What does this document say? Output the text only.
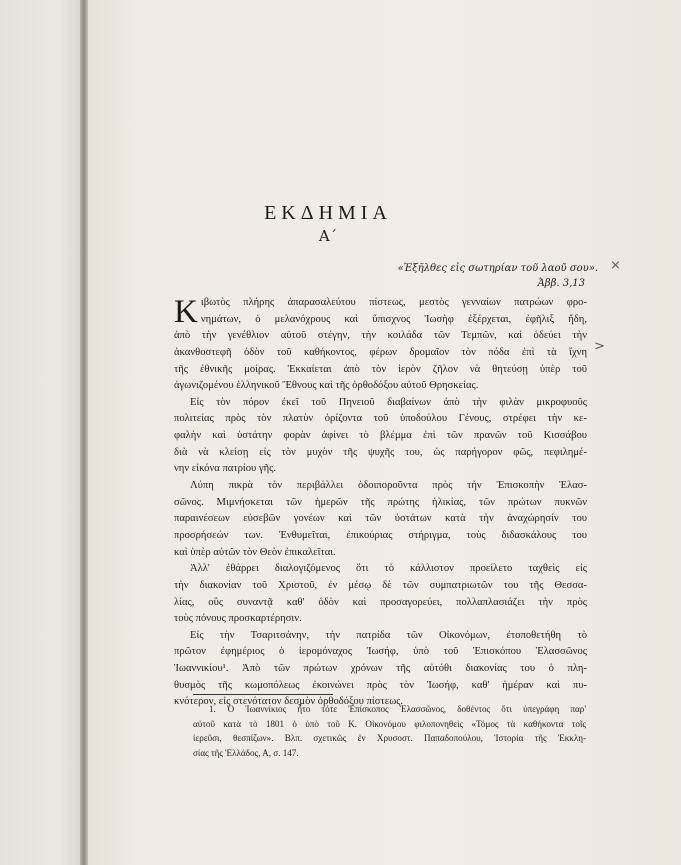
ΕΚΔΗΜΙΑ
Α΄
«Ἐξῆλθες εἰς σωτηρίαν τοῦ λαοῦ σου».
Ἀββ. 3,13
×
>
Κ ιβωτὸς πλήρης ἀπαρασαλεύτου πίστεως, μεστὸς γενναίων πατρώων φρο-
νημάτων, ὁ μελανόχρους καὶ ὕπισχνος Ἰωσὴφ ἐξέρχεται, ἐφῆλιξ ἤδη,
ἀπὸ τὴν γενέθλιον αὐτοῦ στέγην, τὴν κοιλάδα τῶν Τεμπῶν, καὶ ὁδεύει τὴν
ἀκανθοστεφῆ ὁδὸν τοῦ καθήκοντος, φέρων δρομαῖον τὸν πόδα ἐπὶ τὰ ἴχνη
τῆς ἐθνικῆς μοίρας. Ἐκκαίεται ἀπὸ τὸν ἱερὸν ζῆλον νὰ θητεύσῃ ὑπὲρ τοῦ
ἀγωνιζομένου ἑλληνικοῦ Ἔθνους καὶ τῆς ὀρθοδόξου αὐτοῦ Θρησκείας.

Εἰς τὸν πόρον ἐκεῖ τοῦ Πηνειοῦ διαβαίνων ἀπὸ τὴν φιλὰν μικροφυοῦς
πολιτείας πρὸς τὸν πλατὺν ὁρίζοντα τοῦ ὑποδούλου Γένους, στρέφει τὴν κε-
φαλὴν καὶ ὑστάτην φορὰν ἀφίνει τὸ βλέμμα ἐπὶ τῶν πρανῶν τοῦ Κισσάβου
διὰ νὰ κλείσῃ εἰς τὸν μυχὸν τῆς ψυχῆς του, ὡς παρήγορον φῶς, πεφιλημέ-
νην εἰκόνα πατρίου γῆς.

Λύπη πικρὰ τὸν περιβάλλει ὁδοιποροῦντα πρὸς τὴν Ἐπισκοπὴν Ἐλασ-
σῶνος. Μιμνήσκεται τῶν ἡμερῶν τῆς πρώτης ἡλικίας, τῶν πρώτων πυκνῶν
παραινέσεων εὐσεβῶν γονέων καὶ τῶν ὑστάτων κατὰ τὴν ἀναχώρησίν του
προσρήσεών των. Ἐνθυμεῖται, ἐπικούριας στήριγμα, τοὺς διδασκάλους του
καὶ ὑπὲρ αὐτῶν τὸν Θεὸν ἐπικαλεῖται.

Ἀλλ' ἐθάρρει διαλογιζόμενος ὅτι τὸ κάλλιστον προείλετο ταχθεὶς εἰς
τὴν διακονίαν τοῦ Χριστοῦ, ἐν μέσῳ δὲ τῶν συμπατριωτῶν του τῆς Θεσσα-
λίας, οὓς συναντᾷ καθ' ὁδὸν καὶ προσαγορεύει, πολλαπλασιάζει τὴν πρὸς
τοὺς πόνους προσκαρτέρησιν.

Εἰς τὴν Τσαριτσάνην, τὴν πατρίδα τῶν Οἰκονόμων, ἐτοποθετήθη τὸ
πρῶτον ἐφημέριος ὁ ἱερομόναχος Ἰωσήφ, ὑπὸ τοῦ Ἐπισκόπου Ἐλασσῶνος
Ἰωαννικίου¹. Ἀπὸ τῶν πρώτων χρόνων τῆς αὐτόθι διακονίας του ὁ πλη-
θυσμὸς τῆς κωμοπόλεως ἐκοινώνει πρὸς τὸν Ἰωσήφ, καθ' ἡμέραν καὶ πυ-
κνότερον, εἰς στενότατον δεσμὸν ὀρθοδόξου πίστεως.

1. Ὁ Ἰωαννίκιος ἦτο τότε Ἐπίσκοπος Ἐλασσῶνος, δοθέντος ὅτι ὑπεγράφη παρ'
αὐτοῦ κατὰ τὸ 1801 ὁ ὑπὸ τοῦ Κ. Οἰκονόμου φιλοπονηθεὶς «Τόμος τὰ καθήκοντα τοῖς
ἱερεῦσι, θεσπίζων». Βλπ. σχετικῶς ἐν Χρυσοστ. Παπαδοπούλου, Ἱστορία τῆς Ἐκκλη-
σίας τῆς Ἑλλάδος, Α, σ. 147.
